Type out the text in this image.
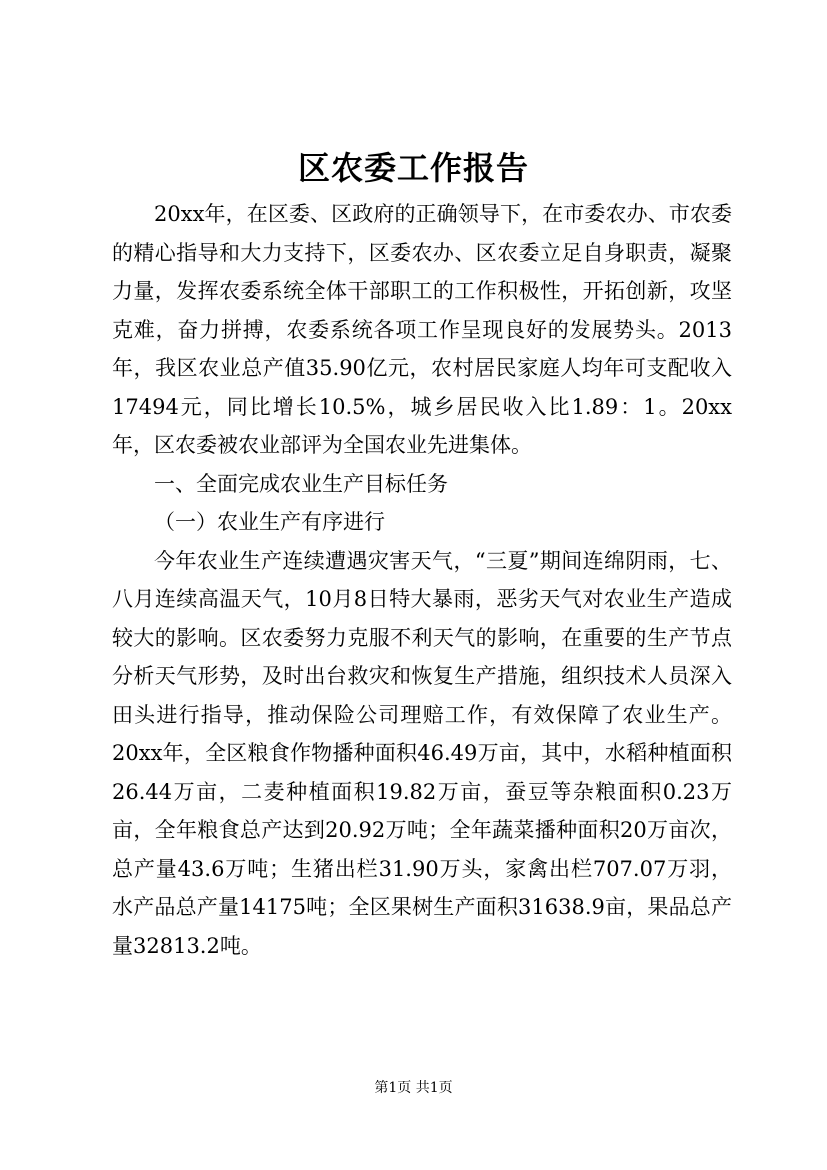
区农委工作报告

20xx年，在区委、区政府的正确领导下，在市委农办、市农委的精心指导和大力支持下，区委农办、区农委立足自身职责，凝聚力量，发挥农委系统全体干部职工的工作积极性，开拓创新，攻坚克难，奋力拼搏，农委系统各项工作呈现良好的发展势头。2013年，我区农业总产值35.90亿元，农村居民家庭人均年可支配收入17494元，同比增长10.5%，城乡居民收入比1.89：1。20xx年，区农委被农业部评为全国农业先进集体。

一、全面完成农业生产目标任务

（一）农业生产有序进行

今年农业生产连续遭遇灾害天气，“三夏”期间连绵阴雨，七、八月连续高温天气，10月8日特大暴雨，恶劣天气对农业生产造成较大的影响。区农委努力克服不利天气的影响，在重要的生产节点分析天气形势，及时出台救灾和恢复生产措施，组织技术人员深入田头进行指导，推动保险公司理赔工作，有效保障了农业生产。20xx年，全区粮食作物播种面积46.49万亩，其中，水稻种植面积26.44万亩，二麦种植面积19.82万亩，蚕豆等杂粮面积0.23万亩，全年粮食总产达到20.92万吨；全年蔬菜播种面积20万亩次，总产量43.6万吨；生猪出栏31.90万头，家禽出栏707.07万羽，水产品总产量14175吨；全区果树生产面积31638.9亩，果品总产量32813.2吨。

第1页 共1页
